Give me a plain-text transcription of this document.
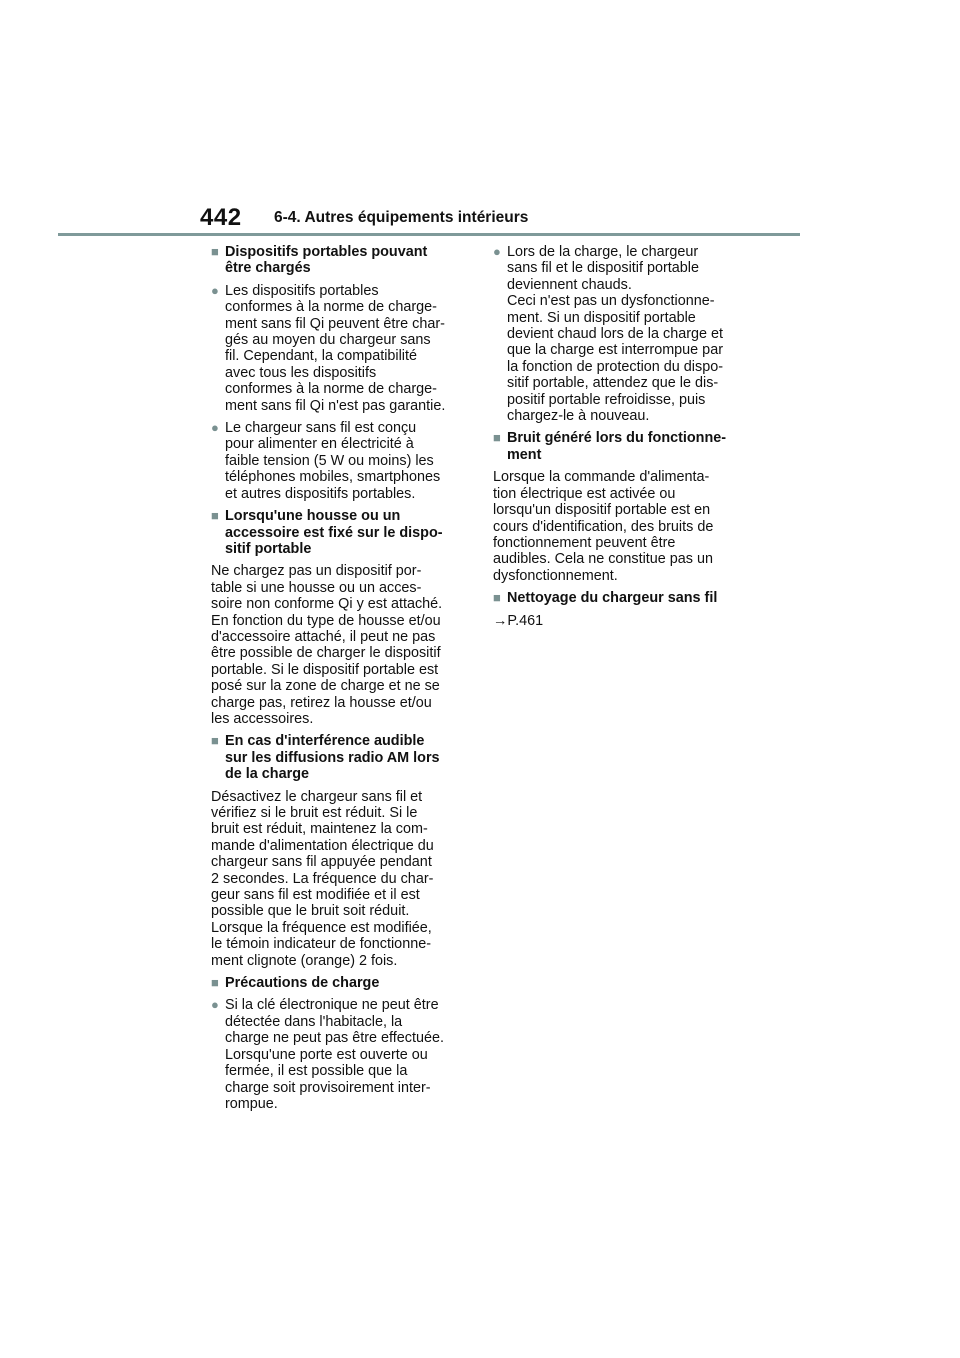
442 6-4. Autres équipements intérieurs
■ Dispositifs portables pouvant
être chargés
● Les dispositifs portables
conformes à la norme de charge-
ment sans fil Qi peuvent être char-
gés au moyen du chargeur sans
fil. Cependant, la compatibilité
avec tous les dispositifs
conformes à la norme de charge-
ment sans fil Qi n'est pas garantie.
● Le chargeur sans fil est conçu
pour alimenter en électricité à
faible tension (5 W ou moins) les
téléphones mobiles, smartphones
et autres dispositifs portables.
■ Lorsqu'une housse ou un
accessoire est fixé sur le dispo-
sitif portable
Ne chargez pas un dispositif por-
table si une housse ou un acces-
soire non conforme Qi y est attaché.
En fonction du type de housse et/ou
d'accessoire attaché, il peut ne pas
être possible de charger le dispositif
portable. Si le dispositif portable est
posé sur la zone de charge et ne se
charge pas, retirez la housse et/ou
les accessoires.
■ En cas d'interférence audible
sur les diffusions radio AM lors
de la charge
Désactivez le chargeur sans fil et
vérifiez si le bruit est réduit. Si le
bruit est réduit, maintenez la com-
mande d'alimentation électrique du
chargeur sans fil appuyée pendant
2 secondes. La fréquence du char-
geur sans fil est modifiée et il est
possible que le bruit soit réduit.
Lorsque la fréquence est modifiée,
le témoin indicateur de fonctionne-
ment clignote (orange) 2 fois.
■ Précautions de charge
● Si la clé électronique ne peut être
détectée dans l'habitacle, la
charge ne peut pas être effectuée.
Lorsqu'une porte est ouverte ou
fermée, il est possible que la
charge soit provisoirement inter-
rompue.
● Lors de la charge, le chargeur
sans fil et le dispositif portable
deviennent chauds.
Ceci n'est pas un dysfonctionne-
ment. Si un dispositif portable
devient chaud lors de la charge et
que la charge est interrompue par
la fonction de protection du dispo-
sitif portable, attendez que le dis-
positif portable refroidisse, puis
chargez-le à nouveau.
■ Bruit généré lors du fonctionne-
ment
Lorsque la commande d'alimenta-
tion électrique est activée ou
lorsqu'un dispositif portable est en
cours d'identification, des bruits de
fonctionnement peuvent être
audibles. Cela ne constitue pas un
dysfonctionnement.
■ Nettoyage du chargeur sans fil
→P.461
